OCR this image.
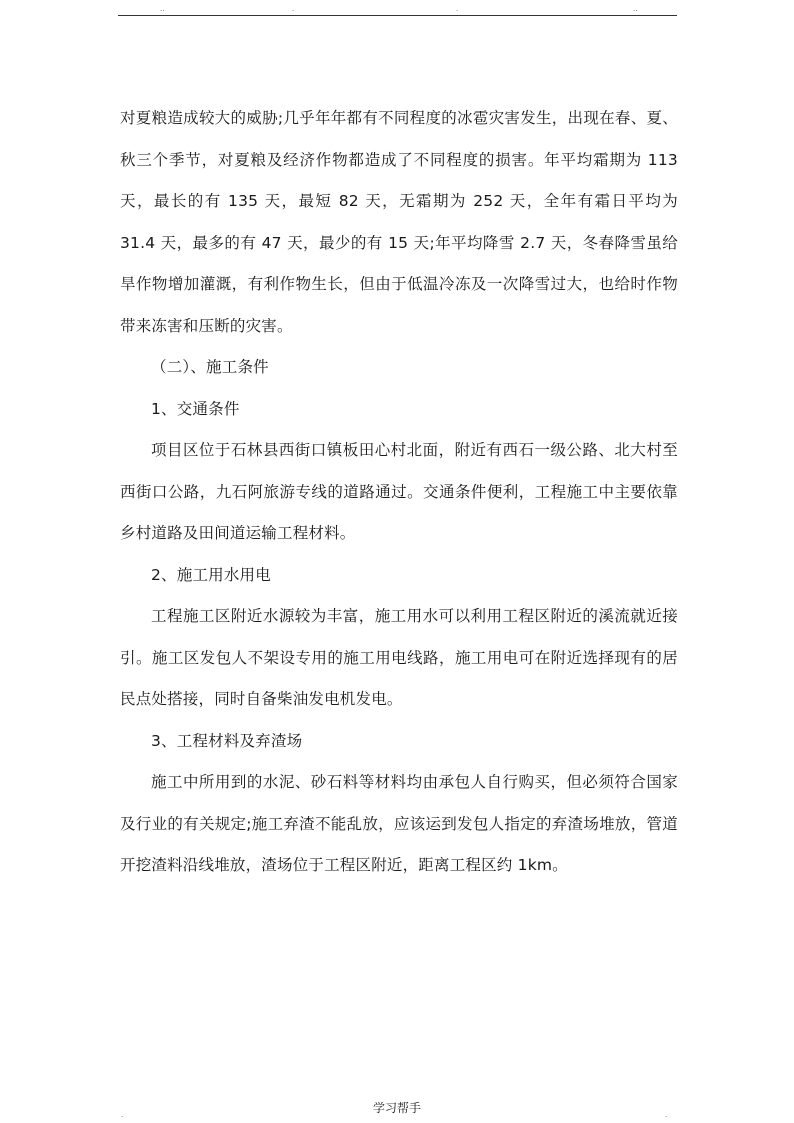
..	.	.	..

对夏粮造成较大的威胁;几乎年年都有不同程度的冰雹灾害发生，出现在春、夏、秋三个季节，对夏粮及经济作物都造成了不同程度的损害。年平均霜期为 113 天，最长的有 135 天，最短 82 天，无霜期为 252 天，全年有霜日平均为 31.4 天，最多的有 47 天，最少的有 15 天;年平均降雪 2.7 天，冬春降雪虽给旱作物增加灌溉，有利作物生长，但由于低温冷冻及一次降雪过大，也给时作物带来冻害和压断的灾害。

（二）、施工条件

1、交通条件

项目区位于石林县西街口镇板田心村北面，附近有西石一级公路、北大村至西街口公路，九石阿旅游专线的道路通过。交通条件便利，工程施工中主要依靠乡村道路及田间道运输工程材料。

2、施工用水用电

工程施工区附近水源较为丰富，施工用水可以利用工程区附近的溪流就近接引。施工区发包人不架设专用的施工用电线路，施工用电可在附近选择现有的居民点处搭接，同时自备柴油发电机发电。

3、工程材料及弃渣场

施工中所用到的水泥、砂石料等材料均由承包人自行购买，但必须符合国家及行业的有关规定;施工弃渣不能乱放，应该运到发包人指定的弃渣场堆放，管道开挖渣料沿线堆放，渣场位于工程区附近，距离工程区约 1km。

.	学习帮手	.
